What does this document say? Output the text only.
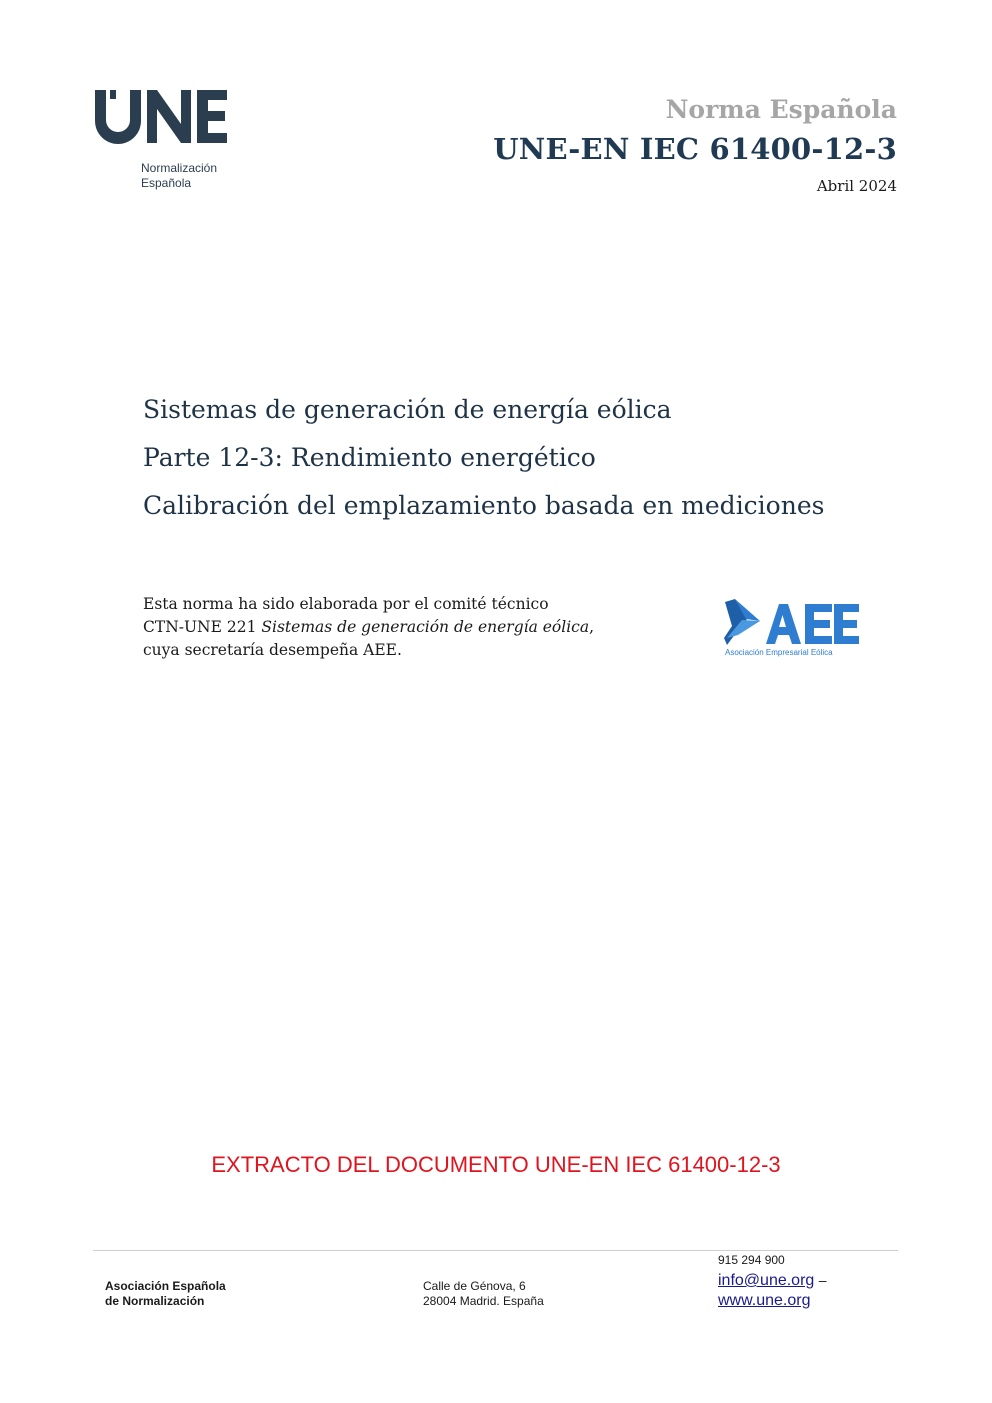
Normalización
Española
Norma Española
UNE-EN IEC 61400-12-3
Abril 2024
Sistemas de generación de energía eólica
Parte 12-3: Rendimiento energético
Calibración del emplazamiento basada en mediciones
Esta norma ha sido elaborada por el comité técnico
CTN-UNE 221 Sistemas de generación de energía eólica,
cuya secretaría desempeña AEE.	Asociación Empresarial Eólica
EXTRACTO DEL DOCUMENTO UNE-EN IEC 61400-12-3
Asociación Española
de Normalización
Calle de Génova, 6
28004 Madrid. España
915 294 900
info@une.org –
www.une.org
